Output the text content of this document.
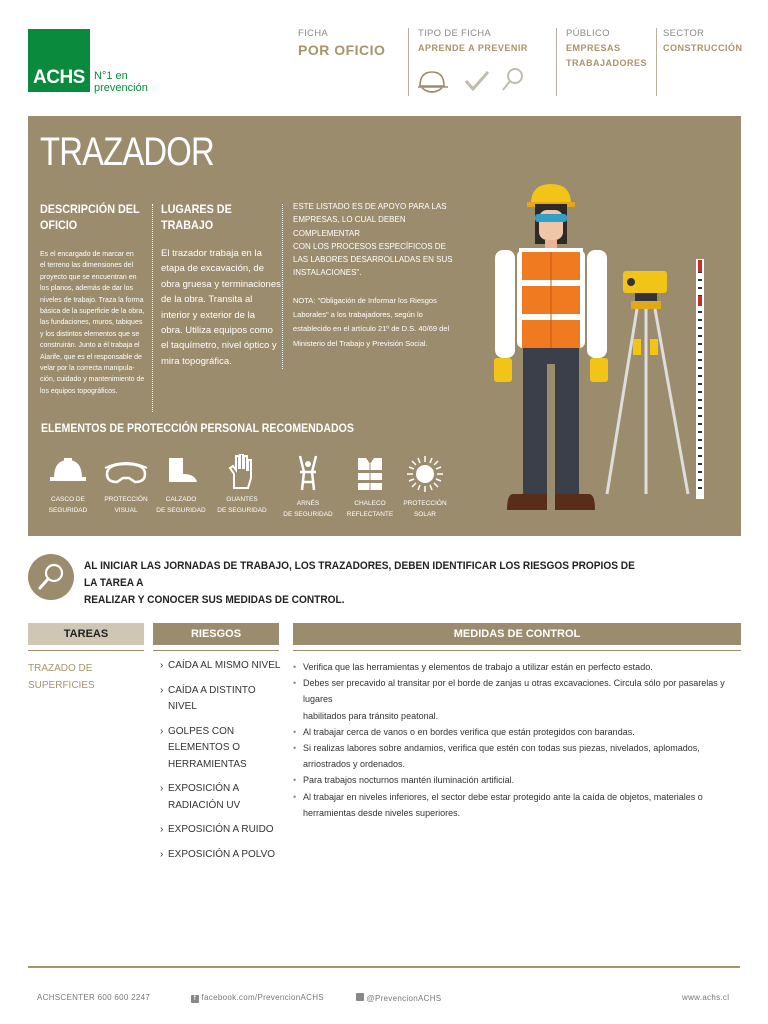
ACHS N°1 en
prevención
FICHA
POR OFICIO
TIPO DE FICHA
APRENDE A PREVENIR
PÚBLICO
EMPRESAS
TRABAJADORES
SECTOR
CONSTRUCCIÓN
TRAZADOR
DESCRIPCIÓN DEL
OFICIO
Es el encargado de marcar en
el terreno las dimensiones del
proyecto que se encuentran en
los planos, además de dar los
niveles de trabajo. Traza la forma
básica de la superficie de la obra,
las fundaciones, muros, tabiques
y los distintos elementos que se
construirán. Junto a él trabaja el
Alarife, que es el responsable de
velar por la correcta manipula-
ción, cuidado y mantenimiento de
los equipos topográficos.
LUGARES DE
TRABAJO
El trazador trabaja en la
etapa de excavación, de
obra gruesa y terminaciones
de la obra. Transita al
interior y exterior de la
obra. Utiliza equipos como
el taquímetro, nivel óptico y
mira topográfica.
ESTE LISTADO ES DE APOYO PARA LAS
EMPRESAS, LO CUAL DEBEN COMPLEMENTAR
CON LOS PROCESOS ESPECÍFICOS DE
LAS LABORES DESARROLLADAS EN SUS
INSTALACIONES".
NOTA: "Obligación de Informar los Riesgos
Laborales" a los trabajadores, según lo
establecido en el artículo 21º de D.S. 40/69 del
Ministerio del Trabajo y Previsión Social.
ELEMENTOS DE PROTECCIÓN PERSONAL RECOMENDADOS
CASCO DE
SEGURIDAD
PROTECCIÓN
VISUAL
CALZADO
DE SEGURIDAD
GUANTES
DE SEGURIDAD
ARNÉS
DE SEGURIDAD
CHALECO
REFLECTANTE
PROTECCIÓN
SOLAR
AL INICIAR LAS JORNADAS DE TRABAJO, LOS TRAZADORES, DEBEN IDENTIFICAR LOS RIESGOS PROPIOS DE LA TAREA A
REALIZAR Y CONOCER SUS MEDIDAS DE CONTROL.
TAREAS	RIESGOS	MEDIDAS DE CONTROL
TRAZADO DE
SUPERFICIES
› CAÍDA AL MISMO NIVEL
› CAÍDA A DISTINTO NIVEL
› GOLPES CON
ELEMENTOS O
HERRAMIENTAS
› EXPOSICIÓN A
RADIACIÓN UV
› EXPOSICIÓN A RUIDO
› EXPOSICIÓN A POLVO
• Verifica que las herramientas y elementos de trabajo a utilizar están en perfecto estado.
• Debes ser precavido al transitar por el borde de zanjas u otras excavaciones. Circula sólo por pasarelas y lugares
habilitados para tránsito peatonal.
• Al trabajar cerca de vanos o en bordes verifica que están protegidos con barandas.
• Si realizas labores sobre andamios, verifica que estén con todas sus piezas, nivelados, aplomados,
arriostrados y ordenados.
• Para trabajos nocturnos mantén iluminación artificial.
• Al trabajar en niveles inferiores, el sector debe estar protegido ante la caída de objetos, materiales o
herramientas desde niveles superiores.
ACHSCENTER 600 600 2247	f facebook.com/PrevencionACHS	@PrevencionACHS	www.achs.cl
